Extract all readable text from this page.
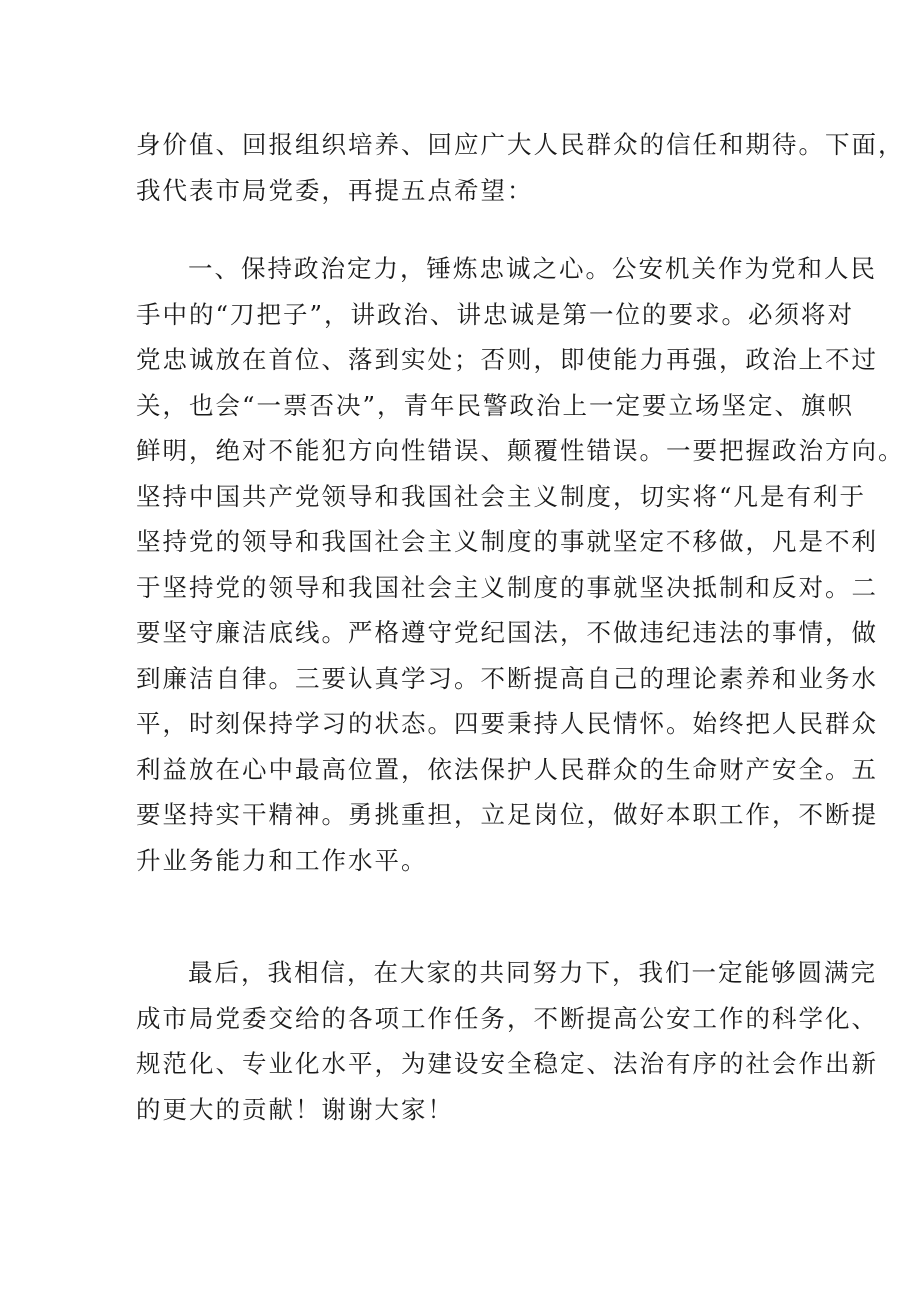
身价值、回报组织培养、回应广大人民群众的信任和期待。下面，
我代表市局党委，再提五点希望：
一、保持政治定力，锤炼忠诚之心。公安机关作为党和人民
手中的“刀把子”，讲政治、讲忠诚是第一位的要求。必须将对
党忠诚放在首位、落到实处；否则，即使能力再强，政治上不过
关，也会“一票否决”，青年民警政治上一定要立场坚定、旗帜
鲜明，绝对不能犯方向性错误、颠覆性错误。一要把握政治方向。
坚持中国共产党领导和我国社会主义制度，切实将“凡是有利于
坚持党的领导和我国社会主义制度的事就坚定不移做，凡是不利
于坚持党的领导和我国社会主义制度的事就坚决抵制和反对。二
要坚守廉洁底线。严格遵守党纪国法，不做违纪违法的事情，做
到廉洁自律。三要认真学习。不断提高自己的理论素养和业务水
平，时刻保持学习的状态。四要秉持人民情怀。始终把人民群众
利益放在心中最高位置，依法保护人民群众的生命财产安全。五
要坚持实干精神。勇挑重担，立足岗位，做好本职工作，不断提
升业务能力和工作水平。
最后，我相信，在大家的共同努力下，我们一定能够圆满完
成市局党委交给的各项工作任务，不断提高公安工作的科学化、
规范化、专业化水平，为建设安全稳定、法治有序的社会作出新
的更大的贡献！谢谢大家！
